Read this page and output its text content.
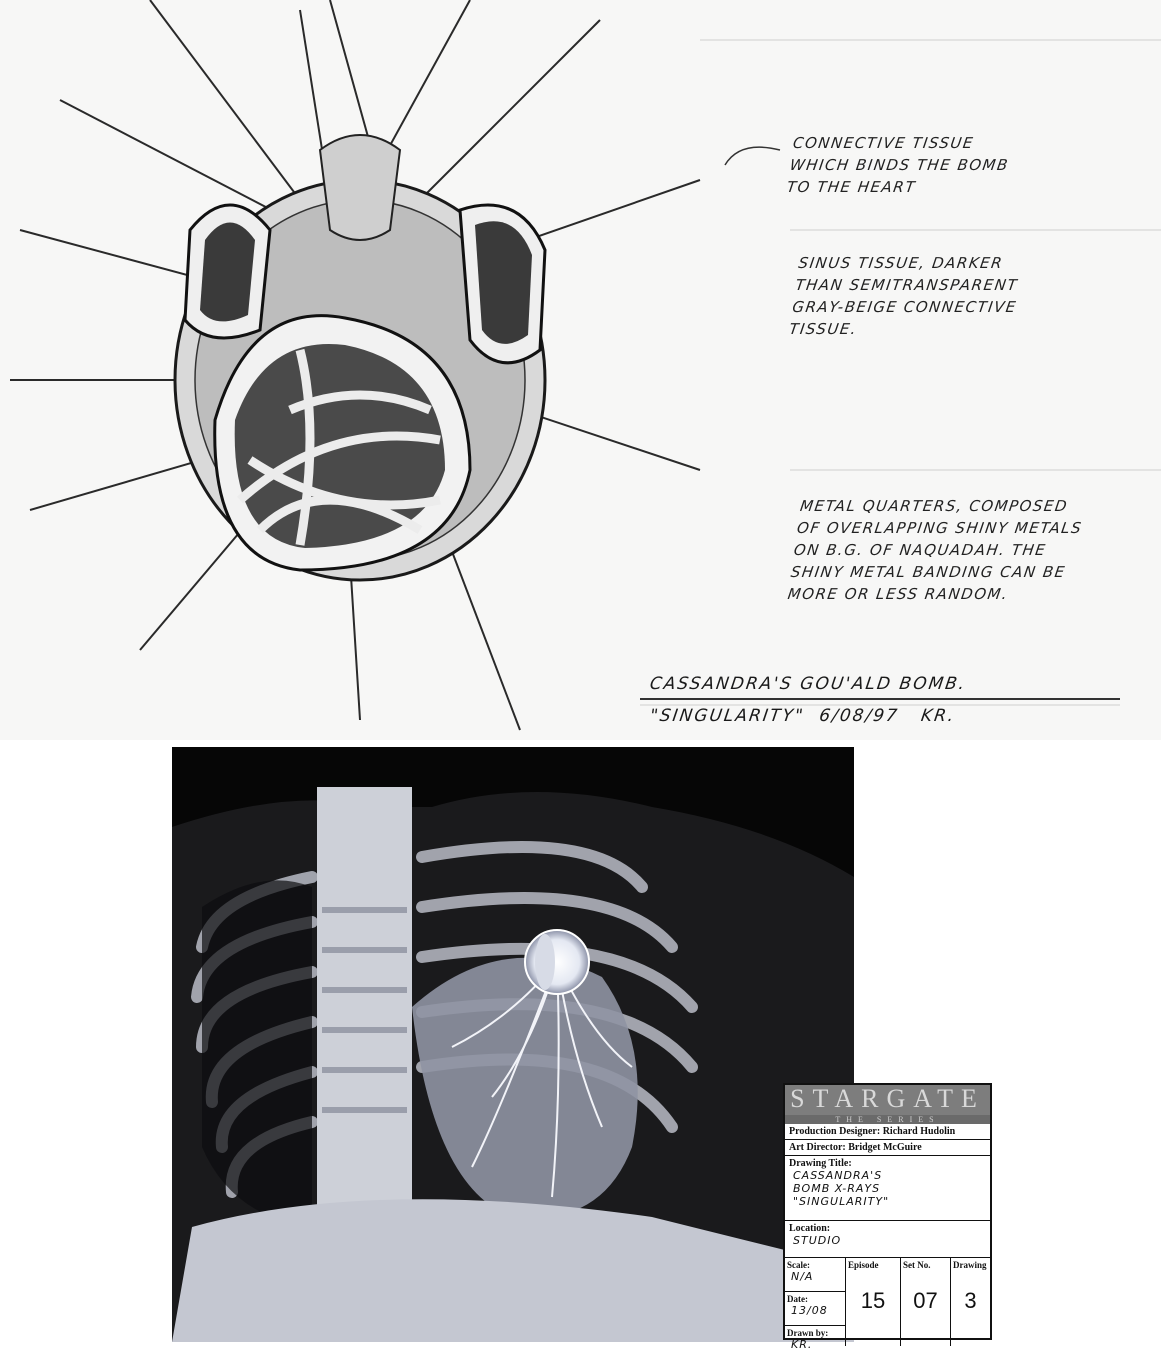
CONNECTIVE TISSUE
WHICH BINDS THE BOMB
TO THE HEART
SINUS TISSUE, DARKER
THAN SEMITRANSPARENT
GRAY-BEIGE CONNECTIVE
TISSUE.
METAL QUARTERS, COMPOSED
OF OVERLAPPING SHINY METALS
ON B.G. OF NAQUADAH. THE
SHINY METAL BANDING CAN BE
MORE OR LESS RANDOM.
CASSANDRA'S GOU'ALD BOMB.
"SINGULARITY"  6/08/97   KR.
STARGATE
THE SERIES
Production Designer: Richard Hudolin
Art Director: Bridget McGuire
Drawing Title:
CASSANDRA'S
BOMB X-RAYS
"SINGULARITY"
Location:
STUDIO
Scale:
N/A
Date:
13/08
Drawn by:
KR.
Episode
15
Set No.
07
Drawing
3
